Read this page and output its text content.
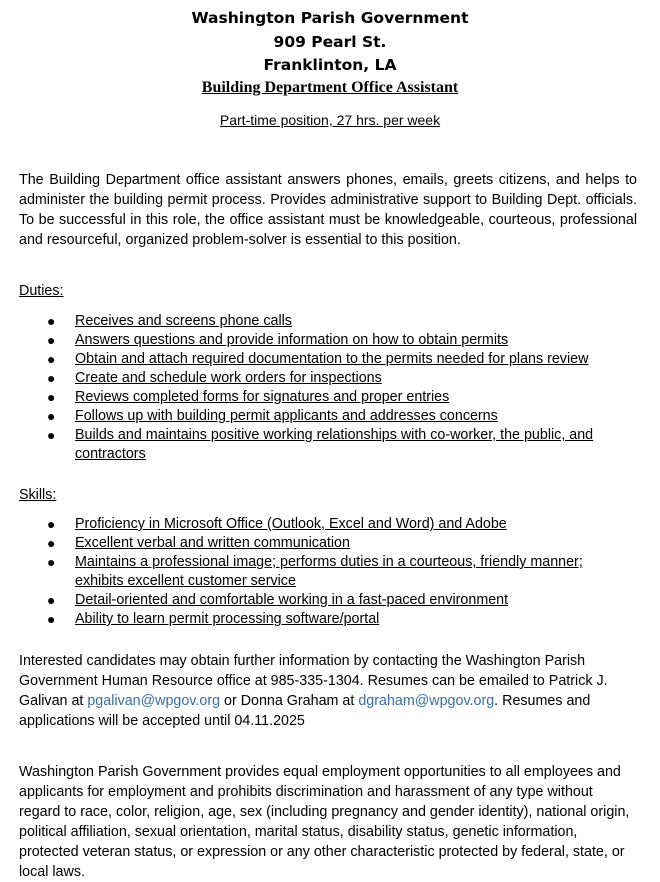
Washington Parish Government
909 Pearl St.
Franklinton, LA
Building Department Office Assistant
Part-time position, 27 hrs. per week

The Building Department office assistant answers phones, emails, greets citizens, and helps to administer the building permit process. Provides administrative support to Building Dept. officials. To be successful in this role, the office assistant must be knowledgeable, courteous, professional and resourceful, organized problem-solver is essential to this position.

Duties:
● Receives and screens phone calls
● Answers questions and provide information on how to obtain permits
● Obtain and attach required documentation to the permits needed for plans review
● Create and schedule work orders for inspections
● Reviews completed forms for signatures and proper entries
● Follows up with building permit applicants and addresses concerns
● Builds and maintains positive working relationships with co-worker, the public, and contractors
Skills:
● Proficiency in Microsoft Office (Outlook, Excel and Word) and Adobe
● Excellent verbal and written communication
● Maintains a professional image; performs duties in a courteous, friendly manner; exhibits excellent customer service
● Detail-oriented and comfortable working in a fast-paced environment
● Ability to learn permit processing software/portal

Interested candidates may obtain further information by contacting the Washington Parish Government Human Resource office at 985-335-1304. Resumes can be emailed to Patrick J. Galivan at pgalivan@wpgov.org or Donna Graham at dgraham@wpgov.org. Resumes and applications will be accepted until 04.11.2025

Washington Parish Government provides equal employment opportunities to all employees and applicants for employment and prohibits discrimination and harassment of any type without regard to race, color, religion, age, sex (including pregnancy and gender identity), national origin, political affiliation, sexual orientation, marital status, disability status, genetic information, protected veteran status, or expression or any other characteristic protected by federal, state, or local laws.
